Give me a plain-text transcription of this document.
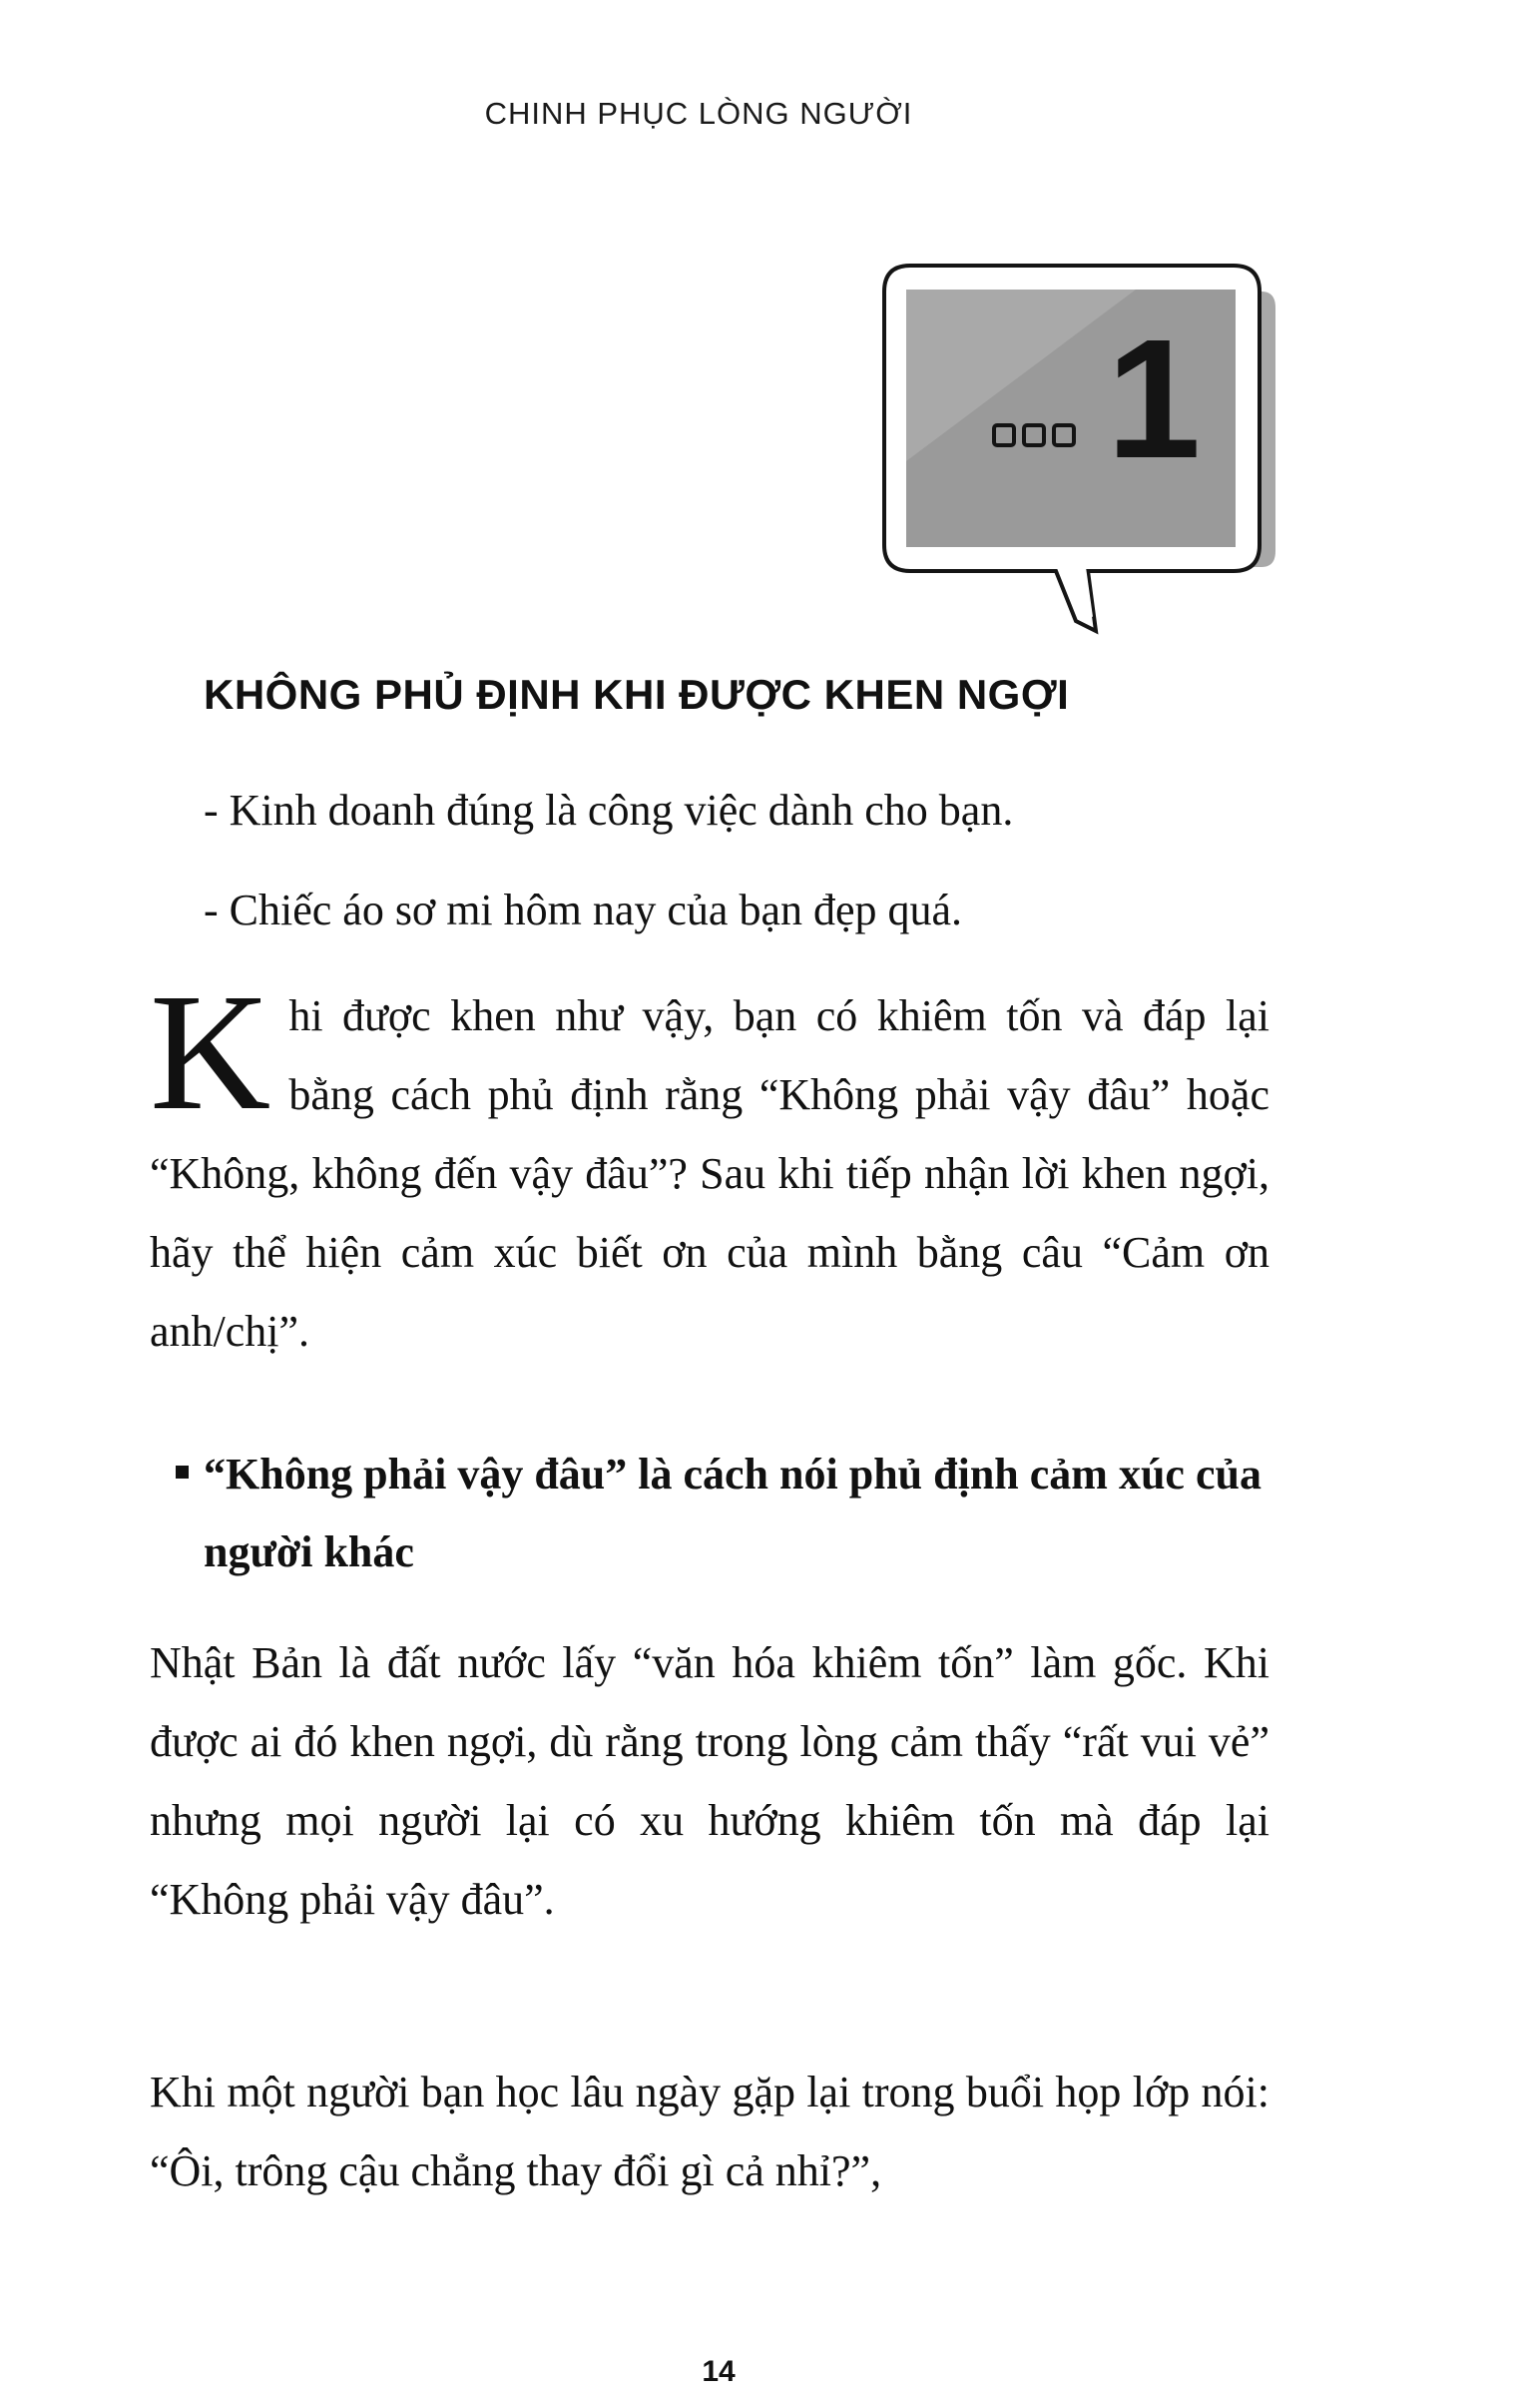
CHINH PHỤC LÒNG NGƯỜI
1
KHÔNG PHỦ ĐỊNH KHI ĐƯỢC KHEN NGỢI

- Kinh doanh đúng là công việc dành cho bạn.

- Chiếc áo sơ mi hôm nay của bạn đẹp quá.

Khi được khen như vậy, bạn có khiêm tốn và đáp lại bằng cách phủ định rằng “Không phải vậy đâu” hoặc “Không, không đến vậy đâu”? Sau khi tiếp nhận lời khen ngợi, hãy thể hiện cảm xúc biết ơn của mình bằng câu “Cảm ơn anh/chị”.

“Không phải vậy đâu” là cách nói phủ định cảm xúc của người khác

Nhật Bản là đất nước lấy “văn hóa khiêm tốn” làm gốc. Khi được ai đó khen ngợi, dù rằng trong lòng cảm thấy “rất vui vẻ” nhưng mọi người lại có xu hướng khiêm tốn mà đáp lại “Không phải vậy đâu”.

Khi một người bạn học lâu ngày gặp lại trong buổi họp lớp nói: “Ôi, trông cậu chẳng thay đổi gì cả nhỉ?”,

14
